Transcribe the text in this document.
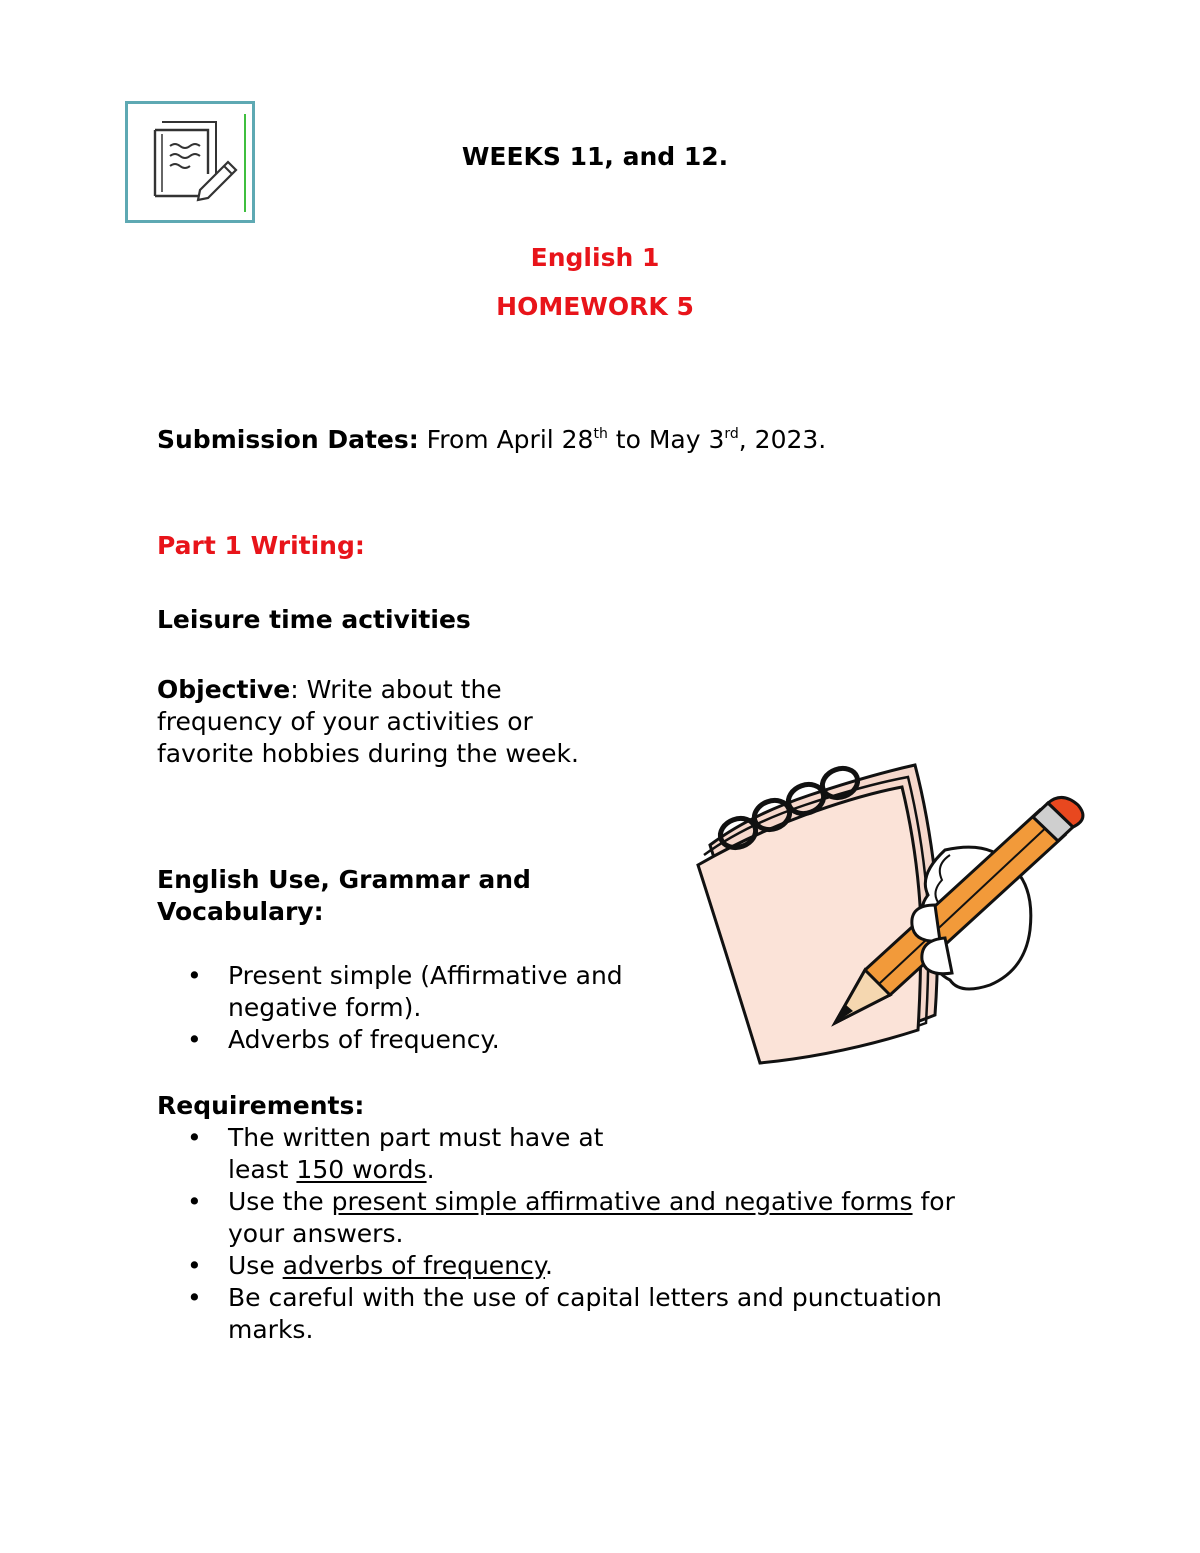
WEEKS 11, and 12.
English 1
HOMEWORK 5
Submission Dates: From April 28th to May 3rd, 2023.
Part 1 Writing:
Leisure time activities
Objective: Write about the
frequency of your activities or
favorite hobbies during the week.
English Use, Grammar and
Vocabulary:
• Present simple (Affirmative and
negative form).
• Adverbs of frequency.
Requirements:
• The written part must have at
least 150 words.
• Use the present simple affirmative and negative forms for
your answers.
• Use adverbs of frequency.
• Be careful with the use of capital letters and punctuation
marks.
